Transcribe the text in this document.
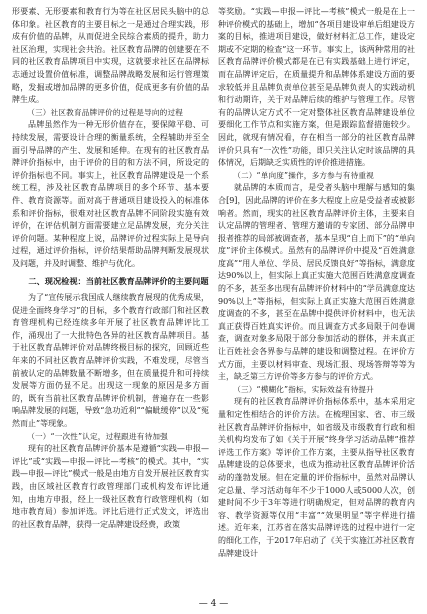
形要素、无形要素和教育行为等在社区居民头脑中的总体印象。社区教育的主要目标之一是通过合理实践，形成有价值的品牌，从而促进全民综合素质的提升，助力社区治理，实现社会共治。社区教育品牌的创建要在不同的社区教育品牌项目中实现，这就要求社区在品牌标志通过设置价值标准，调整品牌战略发展和运行管理策略，发掘或增加品牌的更多价值，促成更多有价值的品牌生成。

（三）社区教育品牌评价的过程是导向的过程

品牌虽然作为一种无形价值存在，要保障平稳、可持续发展，需要设计合理的衡量系统，全程辅助并至全面引导品牌的产生、发展和延伸。在现有的社区教育品牌评价指标中，由于评价的目的和方法不同，所设定的评价指标也不同。事实上，社区教育品牌建设是一个系统工程，涉及社区教育品牌项目的多个环节、基本要件、教育资源等。面对高于普通项目建设投入的标准体系和评价指标，很难对社区教育品牌不同阶段实施有效评价，在评估机制方面需要建立足品牌发展，充分关注评价问题。某种程度上说，品牌评价过程实际上是导向过程，通过评价指标，评价结果帮助品牌判断发展现状及问题，并及时调整、维护与优化。

二、现况检视：当前社区教育品牌评价的主要问题

为了“宣传展示我国成人继续教育展现的优秀成果，促进全面终身学习”的目标，多个教育行政部门和社区教育管理机构已经连续多年开展了社区教育品牌评比工作，涌现出了一大批特色各异的社区教育品牌项目。基于社区教育品牌评价对品牌终极目标的探究，回顾近些年来的不同社区教育品牌评价实践，不难发现，尽管当前被认定的品牌数量不断增多，但在质量提升和可持续发展等方面仍显不足。出现这一现象的原因是多方面的，既有当前社区教育品牌评价机制，普遍存在一些影响品牌发展的问题，导致“急功近利”“偏眦缓停”以及“冤然而止”等现象。

（一）“一次性”认定，过程跟进有待加强

现有的社区教育品牌评价基本是遵循“实践—申报—评比”或“实践—申报—评比—考核”的模式。其中，“实践—申报—评比”模式一般是由地方自发开展社区教育实践，由区域社区教育行政管理部门或机构发布评比通知，由地方申报，经上一级社区教育行政管理机构（如地市教育局）参加评选。评比后进行正式发文，评选出的社区教育品牌，获得一定品牌建设经费，政策

等奖励。“实践—申报—评比—考核”模式一般是在上一种评价模式的基础上，增加“各项目建设审单后组建设方案的目标，推进项目建设，做好材料汇总工作，建设定期或不定期的检查”这一环节。事实上，该两种常用的社区教育品牌评价模式都是在已有实践基础上进行评定，而在品牌评定后，在质量提升和品牌体系建设方面的要求较低并且品牌负责单位甚至是品牌负责人的实践动机和行动期许，关于对品牌后续的维护与管理工作。尽管有的品牌认定方式不一定对整体社区教育品牌建设单位要细化工作节点和实施方案，但是跟踪监督措施较少。因此，就现有情况看，存在相当一部分的社区教育品牌评价只具有“一次性”功能，即只关注认定时该品牌的具体情况，后期缺乏实质性的评价推进措施。

（二）“单向度”操作，多方参与有待重视

就品牌的本质而言，是受者头脑中理解与感知的集合[9]，因此品牌的评价在多大程度上应是受益者或被影响者。然而，现实的社区教育品牌评价主体，主要来自认定品牌的管理者、管理方邀请的专家团、部分品牌申报者推荐的局部被调查者，基本呈现“自上而下”的“单向度”评价主体模式。虽然有的品牌评价中提及“百姓满意度高”“用人单位、学员、居民反馈良好”等指标，满意度达90%以上，但实际上真正实施大范围百姓满意度调查的不多，甚至多出现有品牌评价材料中的“学员满意度达90%以上”等指标，但实际上真正实施大范围百姓满意度调查的不多，甚至在品牌中提供评价材料中，也无法真正获得百姓真实评价。而且调查方式多局限于问卷调查，调查对象多局限于部分参加活动的群体，并未真正让百姓社会各界参与品牌的建设和调整过程。在评价方式方面，主要以材料审查、现场汇报、现场答辩等等为主，缺乏第三方评价等多方参与的评价方式。

（三）“模糊化”指标，实际效益有待提升

现有的社区教育品牌评价指标体系中，基本采用定量和定性相结合的评价方法。在梳理国家、省、市三级社区教育品牌评价指标中，如省级及市级教育行政和相关机构均发布了如《关于开展“终身学习活动品牌”推荐评选工作方案》等评价工作方案，主要从指导社区教育品牌建设的总体要求，也成为推动社区教育品牌评价活动的蓬勃发展。但在定量的评价指标中，虽然对品牌认定总量、学习活动每年不少于1000人或5000人次，创建时间不少于3年等进行明确规定，但对品牌的教育内容、教学资源等仅用“丰富”“效果明显”等字样进行描述。近年来，江苏省在落实品牌评选的过程中进行一定的细化工作，于2017年启动了《关于实施江苏社区教育品牌建设计

— 4 —
